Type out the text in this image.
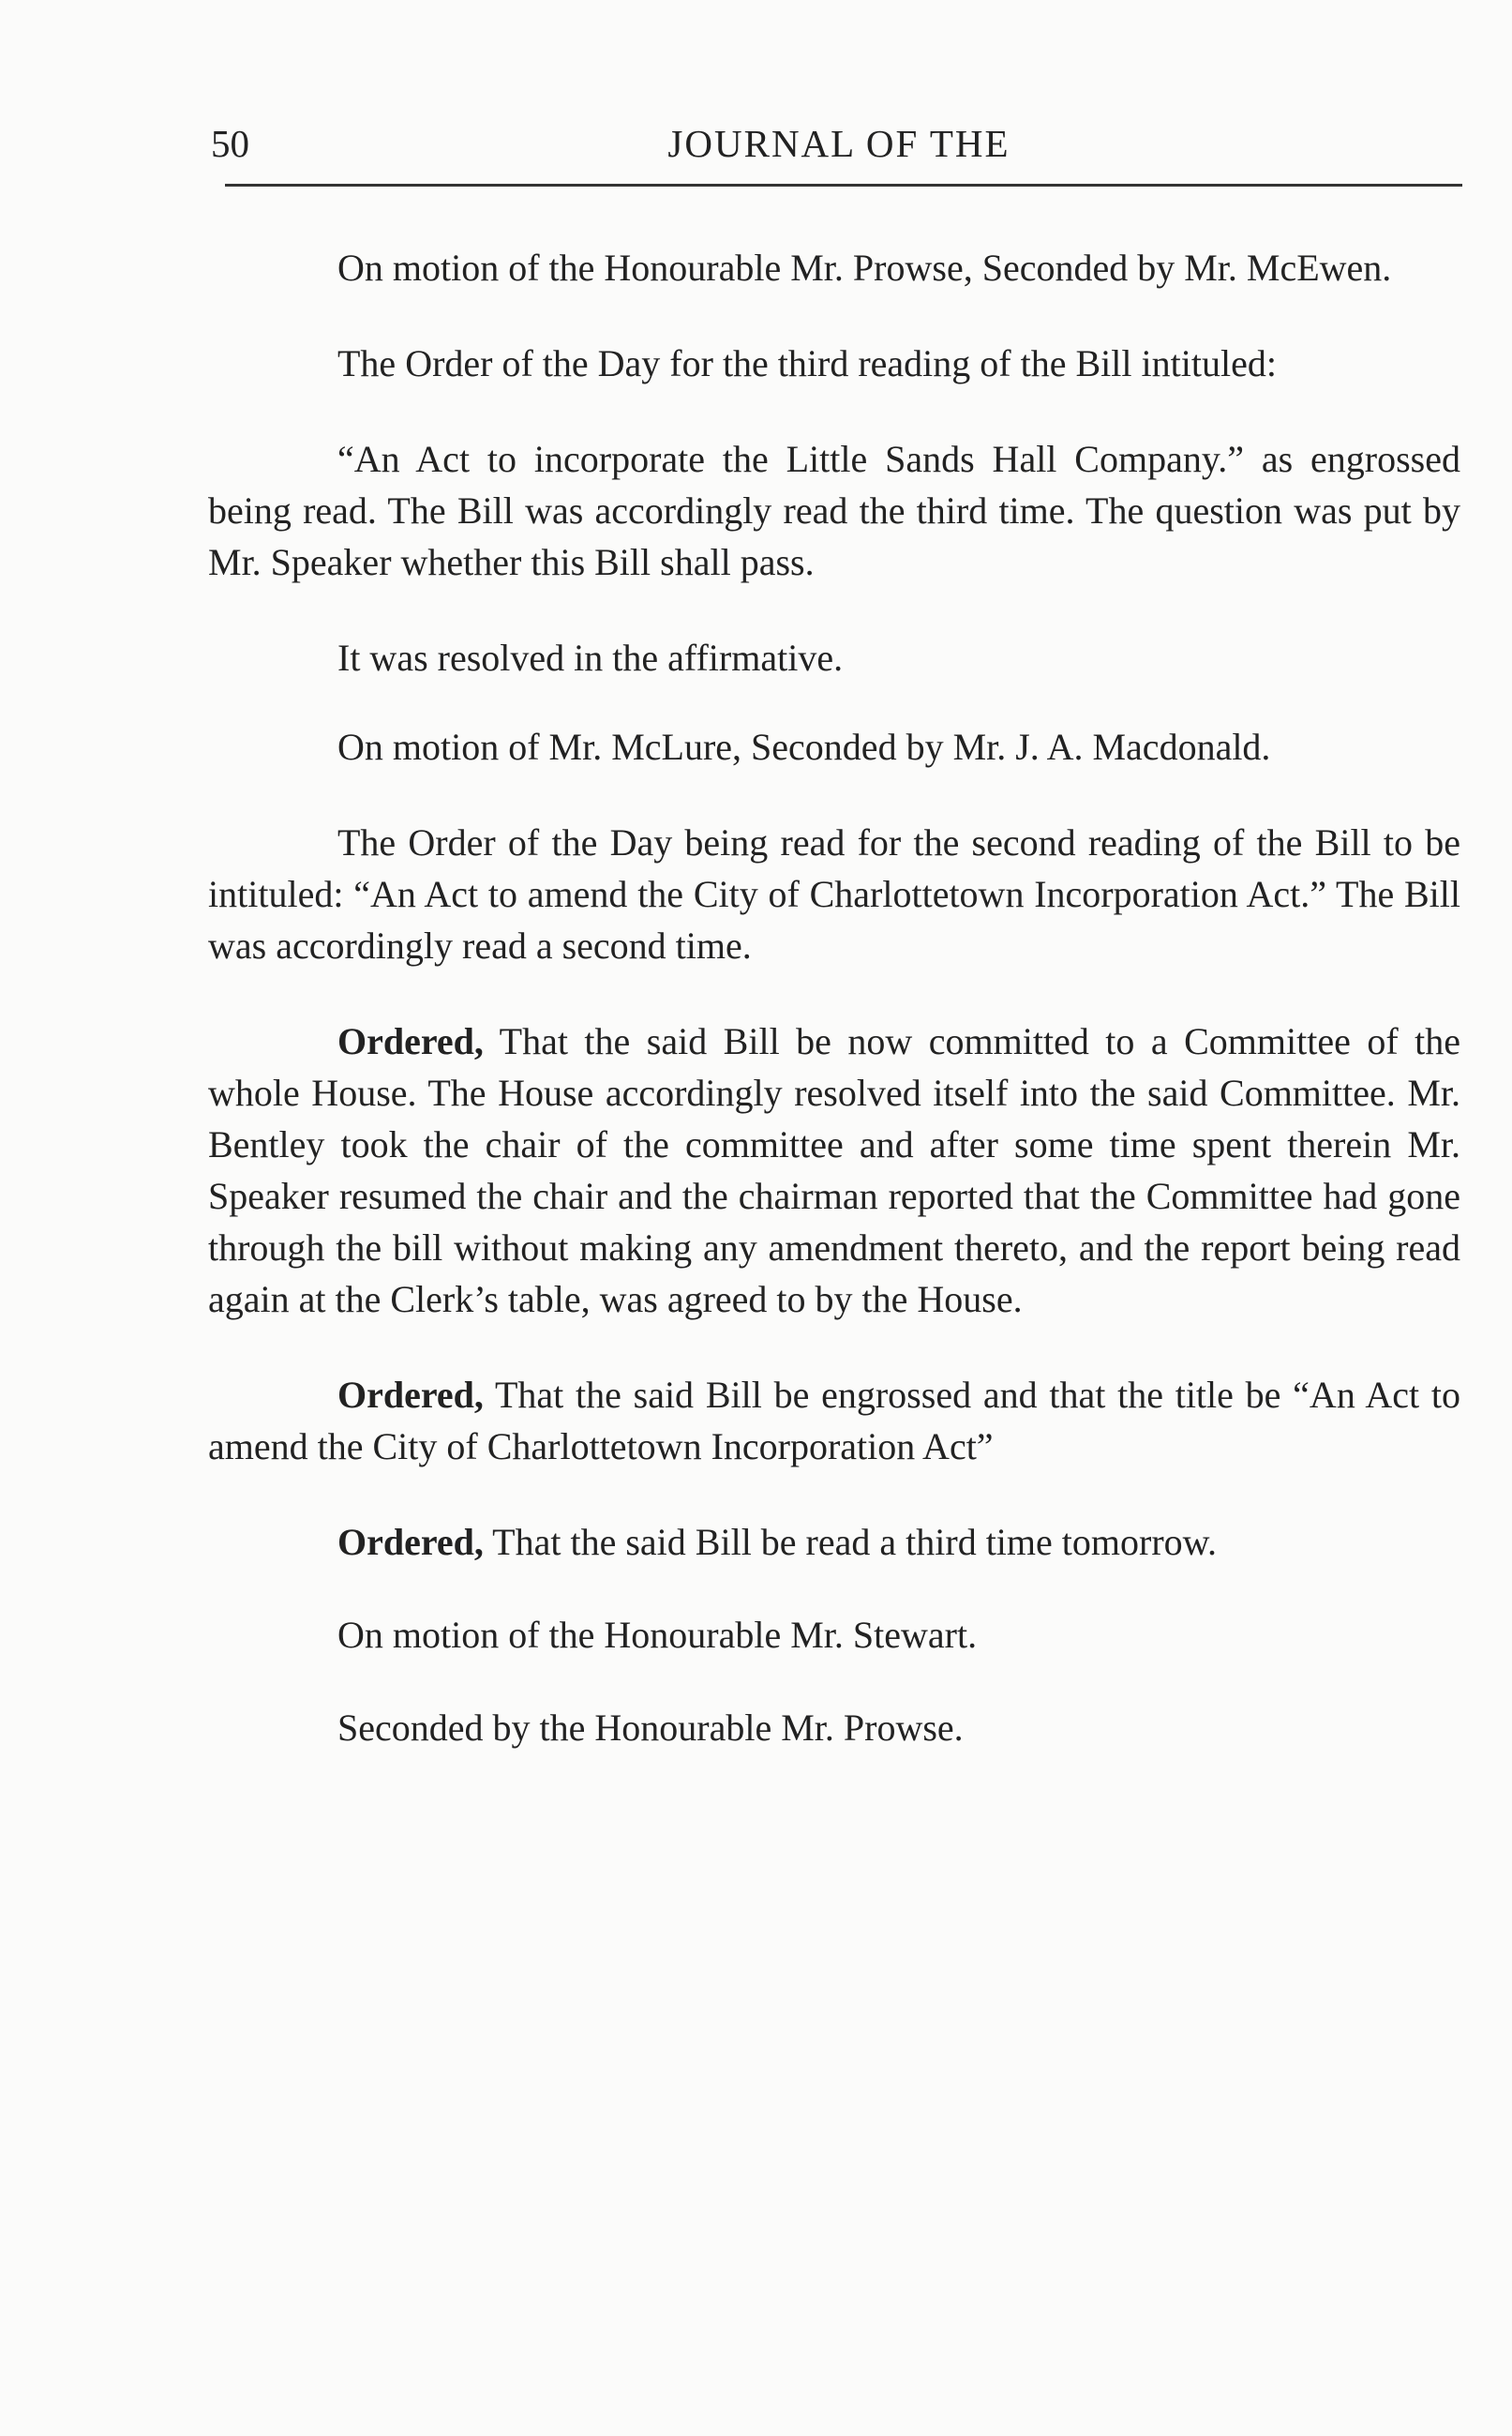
50	JOURNAL OF THE

On motion of the Honourable Mr. Prowse, Seconded by Mr. McEwen.

The Order of the Day for the third reading of the Bill intituled:

“An Act to incorporate the Little Sands Hall Company.” as engrossed being read. The Bill was accordingly read the third time. The question was put by Mr. Speaker whether this Bill shall pass.

It was resolved in the affirmative.

On motion of Mr. McLure, Seconded by Mr. J. A. Macdonald.

The Order of the Day being read for the second reading of the Bill to be intituled: “An Act to amend the City of Charlottetown Incorporation Act.” The Bill was accordingly read a second time.

Ordered, That the said Bill be now committed to a Committee of the whole House. The House accordingly resolved itself into the said Committee. Mr. Bentley took the chair of the committee and after some time spent therein Mr. Speaker resumed the chair and the chairman reported that the Committee had gone through the bill without making any amendment thereto, and the report being read again at the Clerk’s table, was agreed to by the House.

Ordered, That the said Bill be engrossed and that the title be “An Act to amend the City of Charlottetown Incorporation Act”

Ordered, That the said Bill be read a third time tomorrow.

On motion of the Honourable Mr. Stewart.

Seconded by the Honourable Mr. Prowse.
